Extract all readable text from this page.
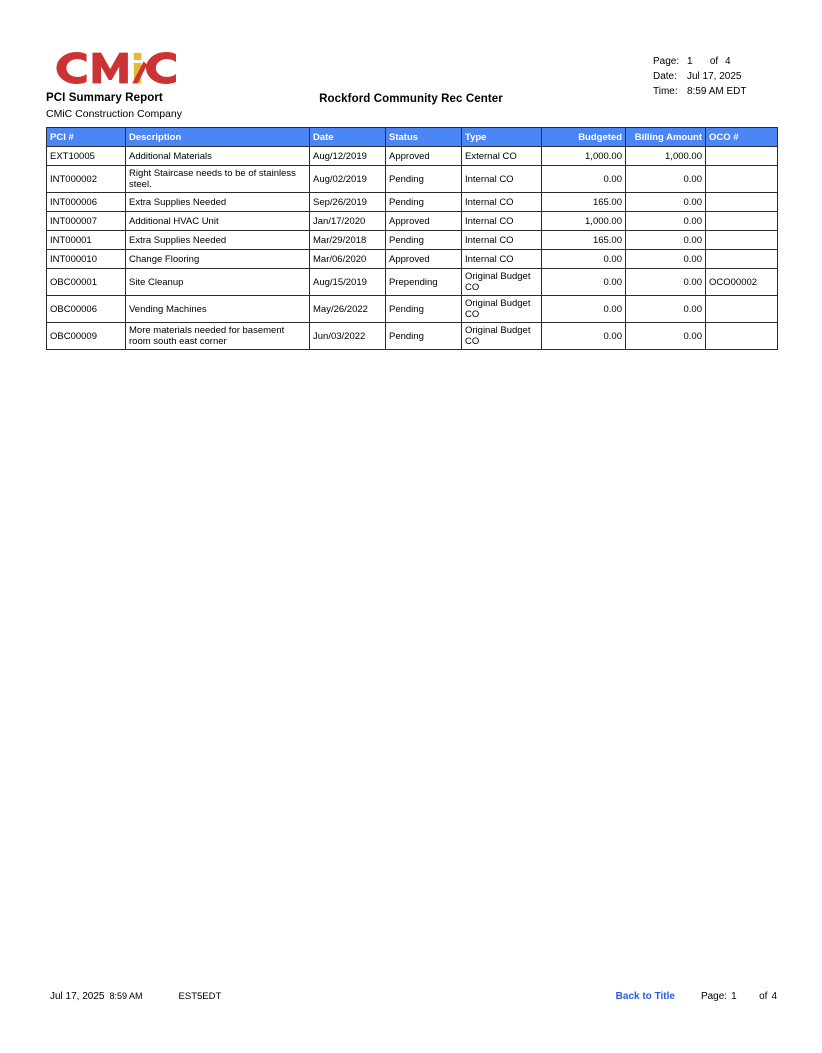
PCI Summary Report
CMiC Construction Company
Rockford Community Rec Center
Page: 1 of 4
Date:	Jul 17, 2025
Time: 8:59 AM EDT
PCI #	Description	Date	Status	Type	Budgeted	Billing Amount	OCO #
EXT10005	Additional Materials	Aug/12/2019	Approved	External CO	1,000.00	1,000.00	
INT000002	Right Staircase needs to be of stainless steel.	Aug/02/2019	Pending	Internal CO	0.00	0.00	
INT000006	Extra Supplies Needed	Sep/26/2019	Pending	Internal CO	165.00	0.00	
INT000007	Additional HVAC Unit	Jan/17/2020	Approved	Internal CO	1,000.00	0.00	
INT00001	Extra Supplies Needed	Mar/29/2018	Pending	Internal CO	165.00	0.00	
INT000010	Change Flooring	Mar/06/2020	Approved	Internal CO	0.00	0.00	
OBC00001	Site Cleanup	Aug/15/2019	Prepending	Original Budget CO	0.00	0.00	OCO00002
OBC00006	Vending Machines	May/26/2022	Pending	Original Budget CO	0.00	0.00	
OBC00009	More materials needed for basement room south east corner	Jun/03/2022	Pending	Original Budget CO	0.00	0.00	
Jul 17, 2025 8:59 AM	EST5EDT	Back to Title	Page: 1 of 4
